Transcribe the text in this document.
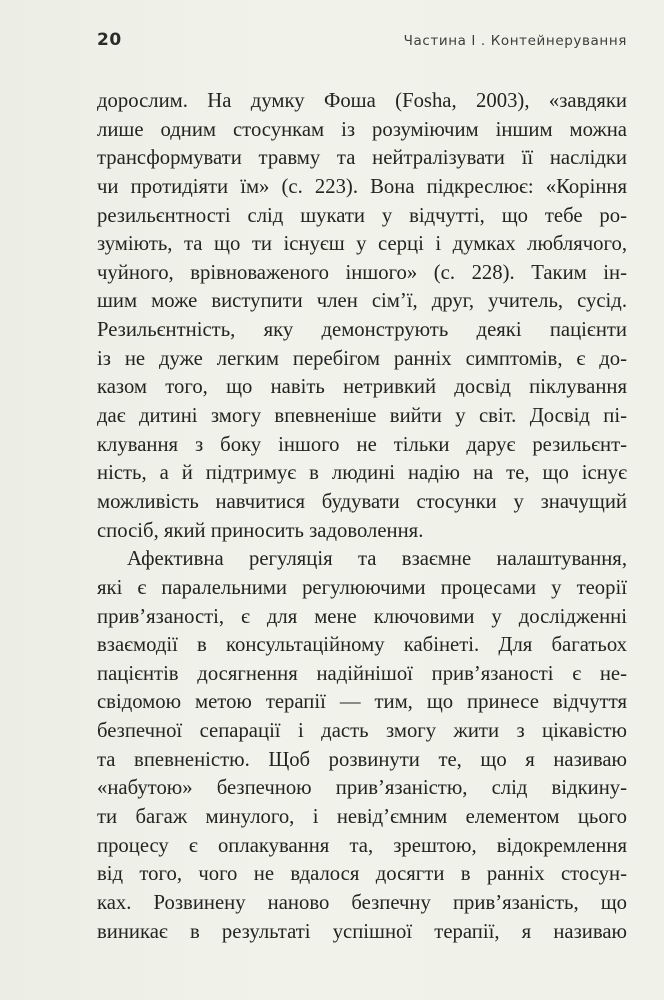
20	Частина І . Контейнерування
дорослим. На думку Фоша (Fosha, 2003), «завдяки
лише одним стосункам із розуміючим іншим можна
трансформувати травму та нейтралізувати її наслідки
чи протидіяти їм» (с. 223). Вона підкреслює: «Коріння
резильєнтності слід шукати у відчутті, що тебе ро-
зуміють, та що ти існуєш у серці і думках люблячого,
чуйного, врівноваженого іншого» (с. 228). Таким ін-
шим може виступити член сім’ї, друг, учитель, сусід.
Резильєнтність, яку демонструють деякі пацієнти
із не дуже легким перебігом ранніх симптомів, є до-
казом того, що навіть нетривкий досвід піклування
дає дитині змогу впевненіше вийти у світ. Досвід пі-
клування з боку іншого не тільки дарує резильєнт-
ність, а й підтримує в людині надію на те, що існує
можливість навчитися будувати стосунки у значущий
спосіб, який приносить задоволення.
Афективна регуляція та взаємне налаштування,
які є паралельними регулюючими процесами у теорії
прив’язаності, є для мене ключовими у дослідженні
взаємодії в консультаційному кабінеті. Для багатьох
пацієнтів досягнення надійнішої прив’язаності є не-
свідомою метою терапії — тим, що принесе відчуття
безпечної сепарації і дасть змогу жити з цікавістю
та впевненістю. Щоб розвинути те, що я називаю
«набутою» безпечною прив’язаністю, слід відкину-
ти багаж минулого, і невід’ємним елементом цього
процесу є оплакування та, зрештою, відокремлення
від того, чого не вдалося досягти в ранніх стосун-
ках. Розвинену наново безпечну прив’язаність, що
виникає в результаті успішної терапії, я називаю
